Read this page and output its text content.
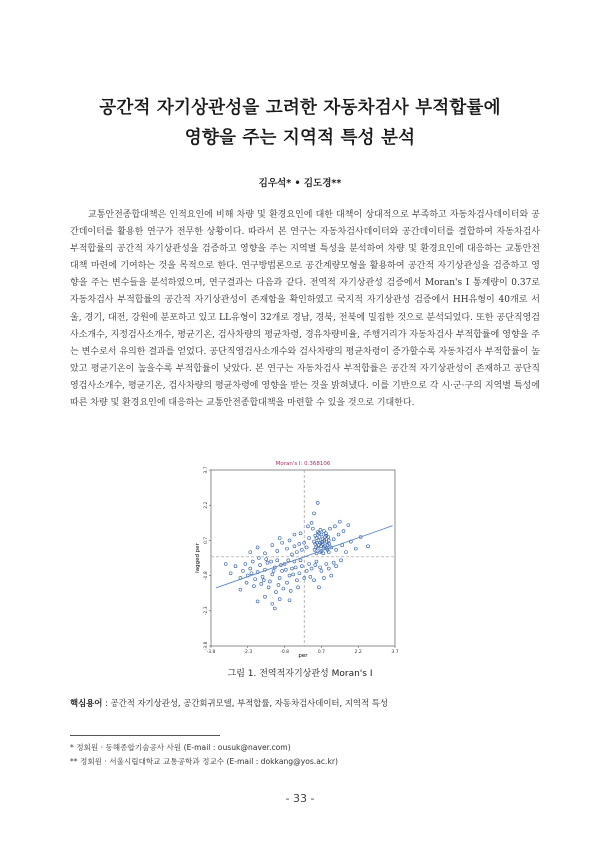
공간적 자기상관성을 고려한 자동차검사 부적합률에
영향을 주는 지역적 특성 분석
김우석* • 김도경**

교통안전종합대책은 인적요인에 비해 차량 및 환경요인에 대한 대책이 상대적으로 부족하고 자동차검사데이터와 공간데이터를 활용한 연구가 전무한 상황이다. 따라서 본 연구는 자동차검사데이터와 공간데이터를 결합하여 자동차검사 부적합률의 공간적 자기상관성을 검증하고 영향을 주는 지역별 특성을 분석하여 차량 및 환경요인에 대응하는 교통안전대책 마련에 기여하는 것을 목적으로 한다. 연구방법론으로 공간계량모형을 활용하여 공간적 자기상관성을 검증하고 영향을 주는 변수들을 분석하였으며, 연구결과는 다음과 같다. 전역적 자기상관성 검증에서 Moran's I 통계량이 0.37로 자동차검사 부적합률의 공간적 자기상관성이 존재함을 확인하였고 국지적 자기상관성 검증에서 HH유형이 40개로 서울, 경기, 대전, 강원에 분포하고 있고 LL유형이 32개로 경남, 경북, 전북에 밀집한 것으로 분석되었다. 또한 공단직영검사소개수, 지정검사소개수, 평균기온, 검사차량의 평균차령, 경유차량비율, 주행거리가 자동차검사 부적합률에 영향을 주는 변수로서 유의한 결과를 얻었다. 공단직영검사소개수와 검사차량의 평균차령이 증가할수록 자동차검사 부적합률이 높았고 평균기온이 높을수록 부적합률이 낮았다. 본 연구는 자동차검사 부적합률은 공간적 자기상관성이 존재하고 공단직영검사소개수, 평균기온, 검사차량의 평균차령에 영향을 받는 것을 밝혀냈다. 이를 기반으로 각 시·군·구의 지역별 특성에 따른 차량 및 환경요인에 대응하는 교통안전종합대책을 마련할 수 있을 것으로 기대한다.

Moran's I: 0.368106
-3.8	-2.3	-0.8	0.7	2.2	3.7
-3.8
-2.3
-0.8
0.7
2.2
3.7
per
lagged per
그림 1. 전역적자기상관성 Moran's I
핵심용어 : 공간적 자기상관성, 공간회귀모델, 부적합률, 자동차검사데이터, 지역적 특성
* 정회원 · 동해종합기술공사 사원 (E-mail : ousuk@naver.com)
** 정회원 · 서울시립대학교 교통공학과 정교수 (E-mail : dokkang@yos.ac.kr)
- 33 -
